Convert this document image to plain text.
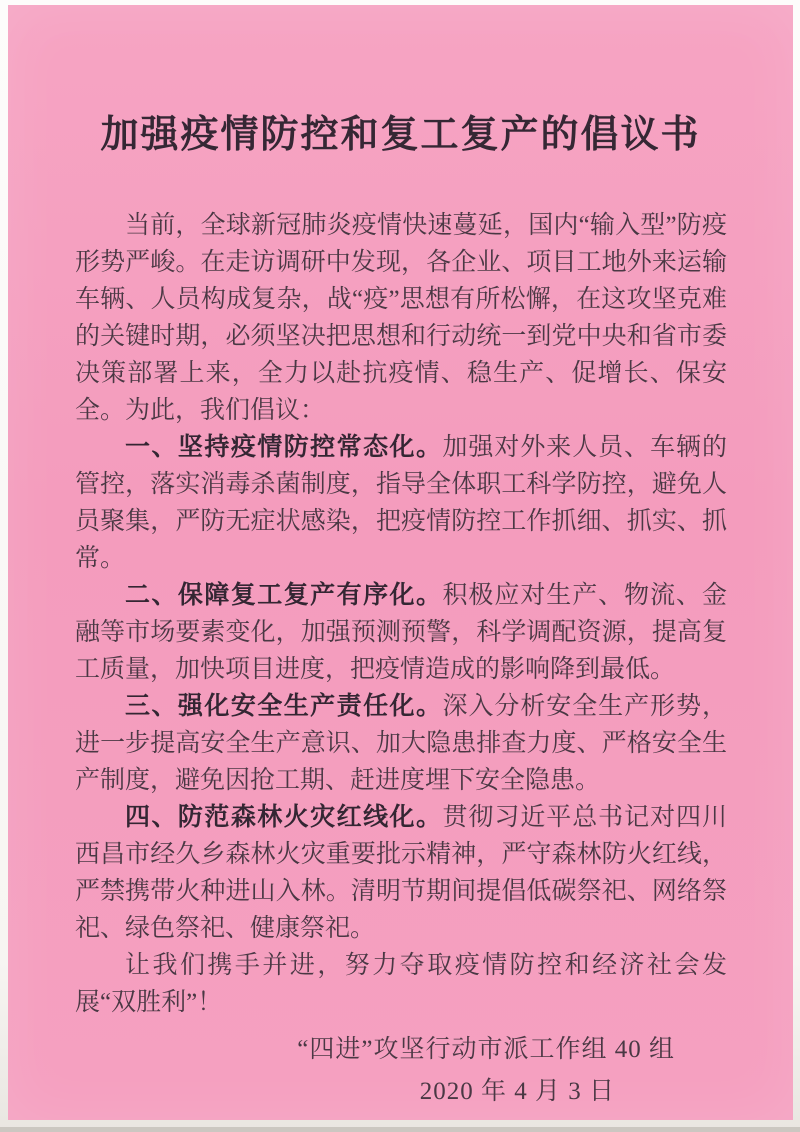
加强疫情防控和复工复产的倡议书

当前，全球新冠肺炎疫情快速蔓延，国内“输入型”防疫形势严峻。在走访调研中发现，各企业、项目工地外来运输车辆、人员构成复杂，战“疫”思想有所松懈，在这攻坚克难的关键时期，必须坚决把思想和行动统一到党中央和省市委决策部署上来，全力以赴抗疫情、稳生产、促增长、保安全。为此，我们倡议：

一、坚持疫情防控常态化。加强对外来人员、车辆的管控，落实消毒杀菌制度，指导全体职工科学防控，避免人员聚集，严防无症状感染，把疫情防控工作抓细、抓实、抓常。

二、保障复工复产有序化。积极应对生产、物流、金融等市场要素变化，加强预测预警，科学调配资源，提高复工质量，加快项目进度，把疫情造成的影响降到最低。

三、强化安全生产责任化。深入分析安全生产形势，进一步提高安全生产意识、加大隐患排查力度、严格安全生产制度，避免因抢工期、赶进度埋下安全隐患。

四、防范森林火灾红线化。贯彻习近平总书记对四川西昌市经久乡森林火灾重要批示精神，严守森林防火红线，严禁携带火种进山入林。清明节期间提倡低碳祭祀、网络祭祀、绿色祭祀、健康祭祀。

让我们携手并进，努力夺取疫情防控和经济社会发展“双胜利”！

“四进”攻坚行动市派工作组 40 组

2020 年 4 月 3 日
